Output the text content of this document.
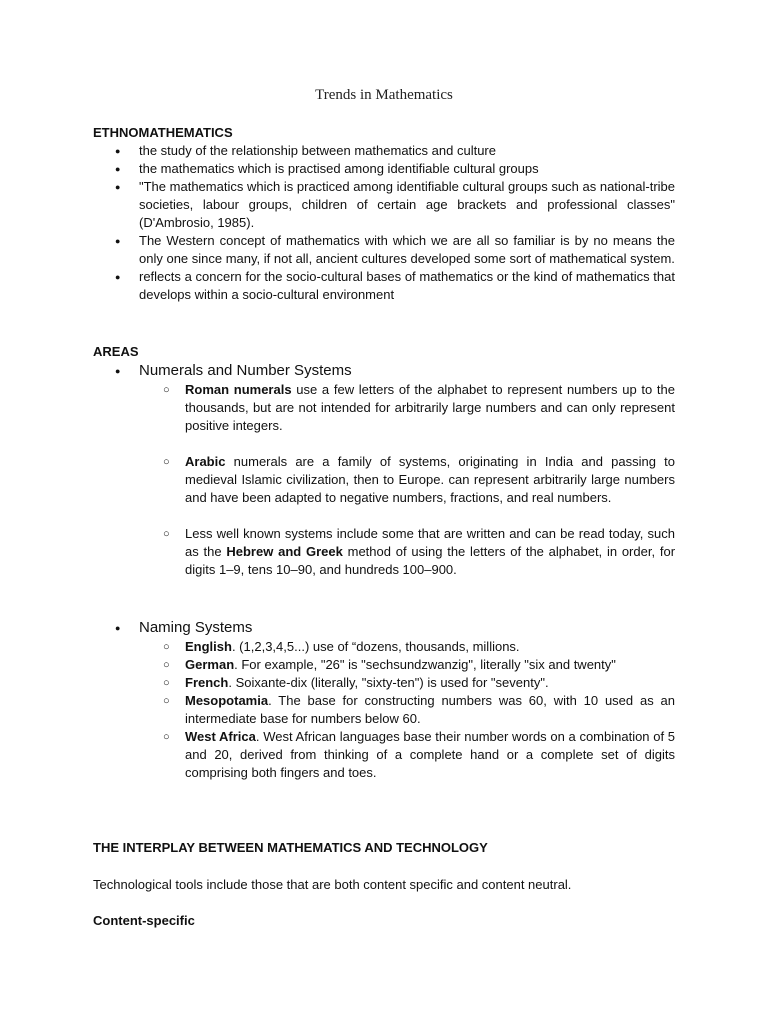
Trends in Mathematics
ETHNOMATHEMATICS
● the study of the relationship between mathematics and culture
● the mathematics which is practised among identifiable cultural groups
● "The mathematics which is practiced among identifiable cultural groups such as national-tribe societies, labour groups, children of certain age brackets and professional classes" (D'Ambrosio, 1985).
● The Western concept of mathematics with which we are all so familiar is by no means the only one since many, if not all, ancient cultures developed some sort of mathematical system.
● reflects a concern for the socio-cultural bases of mathematics or the kind of mathematics that develops within a socio-cultural environment
AREAS
● Numerals and Number Systems
○ Roman numerals use a few letters of the alphabet to represent numbers up to the thousands, but are not intended for arbitrarily large numbers and can only represent positive integers.
○ Arabic numerals are a family of systems, originating in India and passing to medieval Islamic civilization, then to Europe. can represent arbitrarily large numbers and have been adapted to negative numbers, fractions, and real numbers.
○ Less well known systems include some that are written and can be read today, such as the Hebrew and Greek method of using the letters of the alphabet, in order, for digits 1–9, tens 10–90, and hundreds 100–900.
● Naming Systems
○ English. (1,2,3,4,5...) use of “dozens, thousands, millions.
○ German. For example, "26" is "sechsundzwanzig", literally "six and twenty"
○ French. Soixante-dix (literally, "sixty-ten") is used for "seventy".
○ Mesopotamia. The base for constructing numbers was 60, with 10 used as an intermediate base for numbers below 60.
○ West Africa. West African languages base their number words on a combination of 5 and 20, derived from thinking of a complete hand or a complete set of digits comprising both fingers and toes.
THE INTERPLAY BETWEEN MATHEMATICS AND TECHNOLOGY
Technological tools include those that are both content specific and content neutral.
Content-specific
